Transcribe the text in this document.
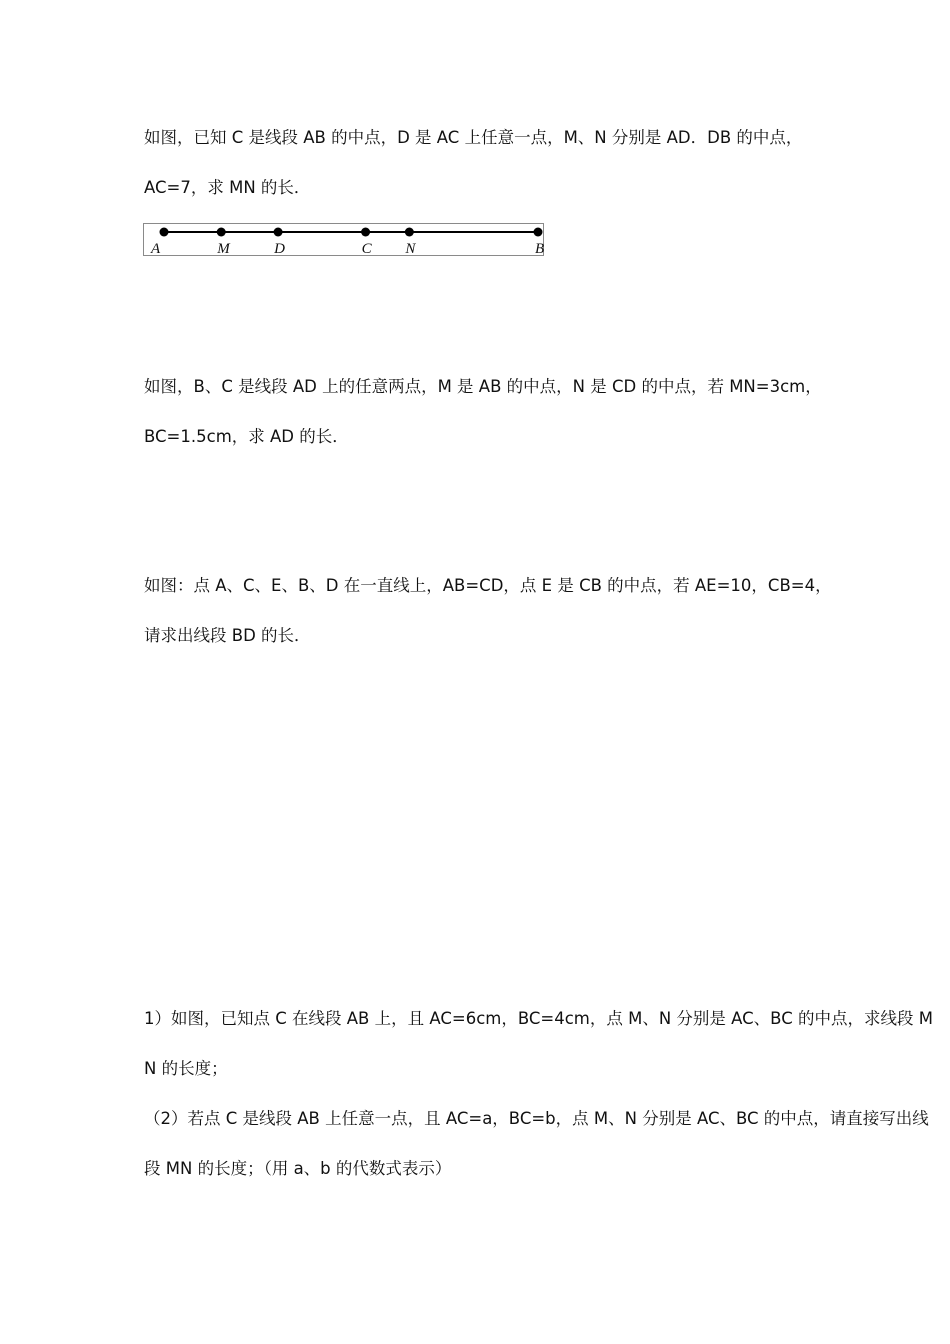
如图，已知 C 是线段 AB 的中点，D 是 AC 上任意一点，M、N 分别是 AD．DB 的中点，
AC=7，求 MN 的长．
A	M	D	C N	B
如图，B、C 是线段 AD 上的任意两点，M 是 AB 的中点，N 是 CD 的中点，若 MN=3cm，
BC=1.5cm，求 AD 的长．
如图：点 A、C、E、B、D 在一直线上，AB=CD，点 E 是 CB 的中点，若 AE=10，CB=4，
请求出线段 BD 的长．
1）如图，已知点 C 在线段 AB 上，且 AC=6cm，BC=4cm，点 M、N 分别是 AC、BC 的中点，求线段 M
N 的长度；
（2）若点 C 是线段 AB 上任意一点，且 AC=a，BC=b，点 M、N 分别是 AC、BC 的中点，请直接写出线
段 MN 的长度；（用 a、b 的代数式表示）
